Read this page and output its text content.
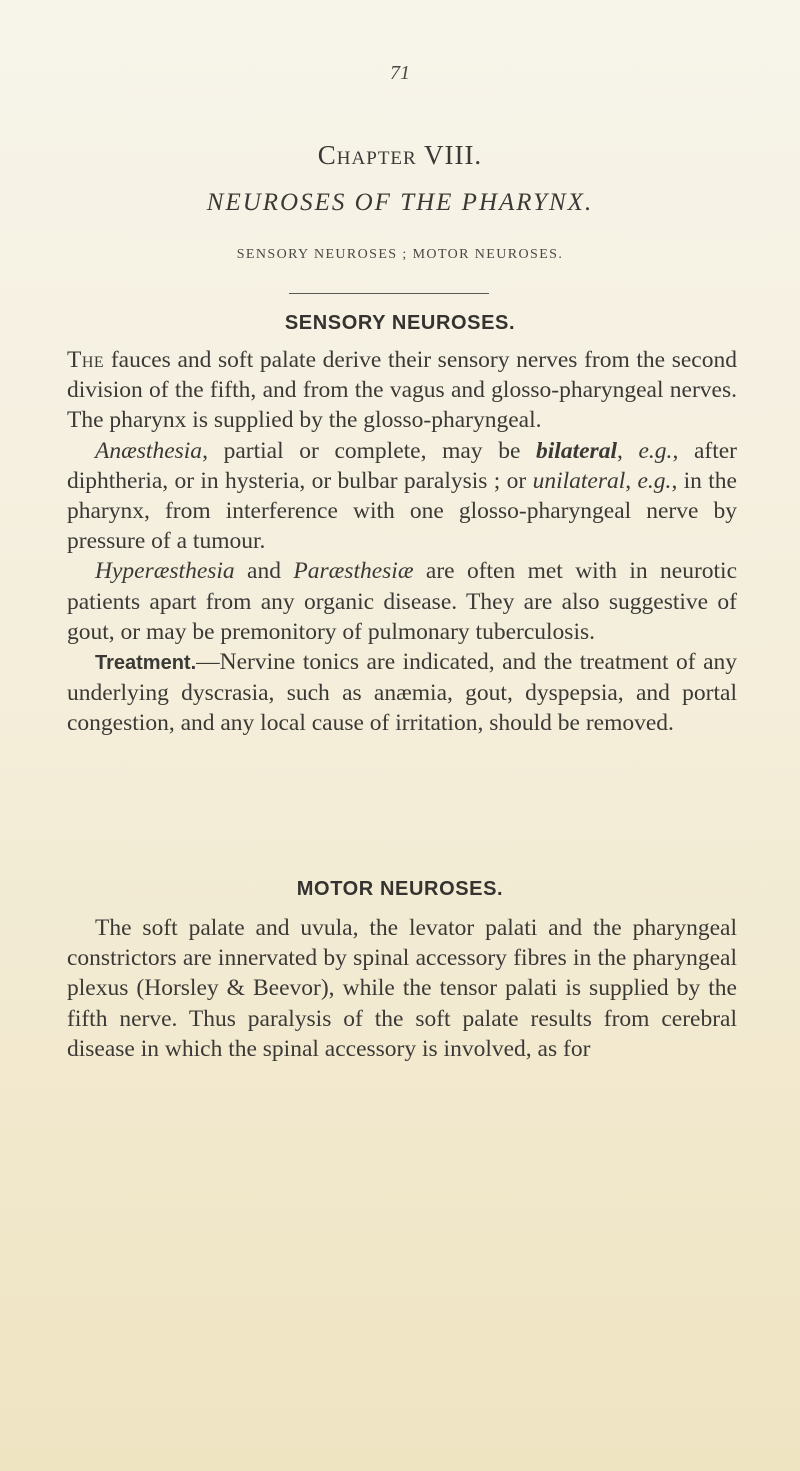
71
Chapter VIII.
NEUROSES OF THE PHARYNX.
SENSORY NEUROSES ; MOTOR NEUROSES.
SENSORY NEUROSES.

The fauces and soft palate derive their sensory nerves from the second division of the fifth, and from the vagus and glosso-pharyngeal nerves. The pharynx is supplied by the glosso-pharyngeal.

Anæsthesia, partial or complete, may be bilateral, e.g., after diphtheria, or in hysteria, or bulbar paralysis ; or unilateral, e.g., in the pharynx, from interference with one glosso-pharyngeal nerve by pressure of a tumour.

Hyperæsthesia and Paræsthesiæ are often met with in neurotic patients apart from any organic disease. They are also suggestive of gout, or may be premonitory of pulmonary tuberculosis.

Treatment.—Nervine tonics are indicated, and the treatment of any underlying dyscrasia, such as anæmia, gout, dyspepsia, and portal congestion, and any local cause of irritation, should be removed.

MOTOR NEUROSES.

The soft palate and uvula, the levator palati and the pharyngeal constrictors are innervated by spinal accessory fibres in the pharyngeal plexus (Horsley & Beevor), while the tensor palati is supplied by the fifth nerve. Thus paralysis of the soft palate results from cerebral disease in which the spinal accessory is involved, as for
